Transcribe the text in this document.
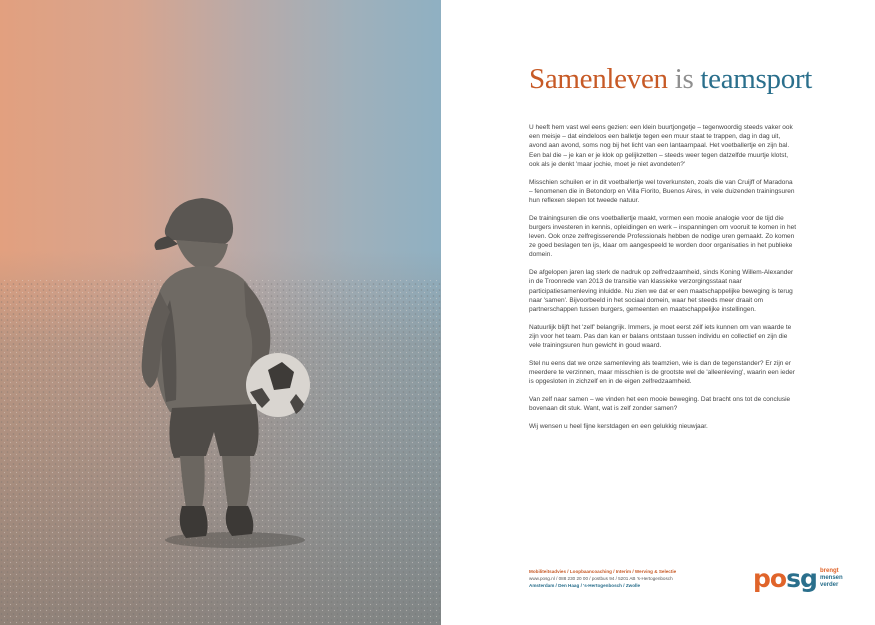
Samenleven is teamsport

U heeft hem vast wel eens gezien: een klein buurtjongetje – tegenwoordig steeds vaker ook een meisje – dat eindeloos een balletje tegen een muur staat te trappen, dag in dag uit, avond aan avond, soms nog bij het licht van een lantaarnpaal. Het voetballertje en zijn bal. Een bal die – je kan er je klok op gelijkzetten – steeds weer tegen datzelfde muurtje klotst, ook als je denkt 'maar jochie, moet je niet avondeten?'

Misschien schuilen er in dit voetballertje wel toverkunsten, zoals die van Cruijff of Maradona – fenomenen die in Betondorp en Villa Fiorito, Buenos Aires, in vele duizenden trainingsuren hun reflexen slepen tot tweede natuur.

De trainingsuren die ons voetballertje maakt, vormen een mooie analogie voor de tijd die burgers investeren in kennis, opleidingen en werk – inspanningen om vooruit te komen in het leven. Ook onze zelfregisserende Professionals hebben de nodige uren gemaakt. Zo komen ze goed beslagen ten ijs, klaar om aangespeeld te worden door organisaties in het publieke domein.

De afgelopen jaren lag sterk de nadruk op zelfredzaamheid, sinds Koning Willem-Alexander in de Troonrede van 2013 de transitie van klassieke verzorgingsstaat naar participatiesamenleving inluidde. Nu zien we dat er een maatschappelijke beweging is terug naar 'samen'. Bijvoorbeeld in het sociaal domein, waar het steeds meer draait om partnerschappen tussen burgers, gemeenten en maatschappelijke instellingen.

Natuurlijk blijft het 'zelf' belangrijk. Immers, je moet eerst zélf iets kunnen om van waarde te zijn voor het team. Pas dan kan er balans ontstaan tussen individu en collectief en zijn die vele trainingsuren hun gewicht in goud waard.

Stel nu eens dat we onze samenleving als teamzien, wie is dan de tegenstander? Er zijn er meerdere te verzinnen, maar misschien is de grootste wel de 'alleenleving', waarin een ieder is opgesloten in zichzelf en in de eigen zelfredzaamheid.

Van zelf naar samen – we vinden het een mooie beweging. Dat bracht ons tot de conclusie bovenaan dit stuk. Want, wat is zelf zonder samen?

Wij wensen u heel fijne kerstdagen en een gelukkig nieuwjaar.

Mobiliteitsadvies / Loopbaancoaching / Interim / Werving & Selectie
www.posg.nl / 088 230 20 00 / postbus 94 / 5201 AB 's-Hertogenbosch
Amsterdam / Den Haag / 's-Hertogenbosch / Zwolle	posg brengt
mensen
verder
